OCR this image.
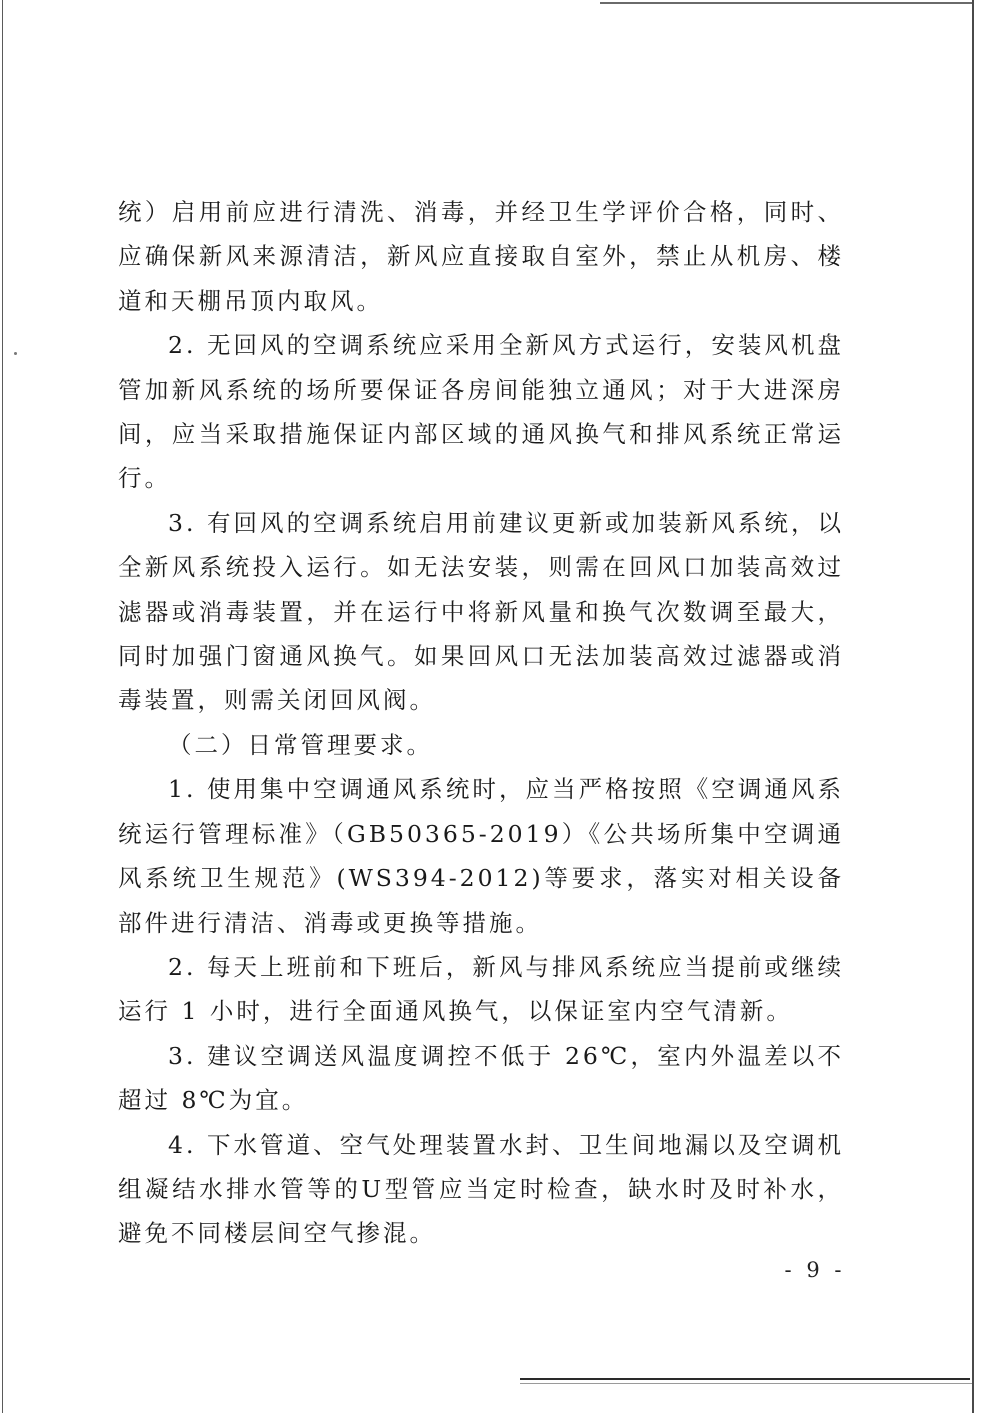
统）启用前应进行清洗、消毒，并经卫生学评价合格，同时、应确保新风来源清洁，新风应直接取自室外，禁止从机房、楼道和天棚吊顶内取风。

2. 无回风的空调系统应采用全新风方式运行，安装风机盘管加新风系统的场所要保证各房间能独立通风；对于大进深房间，应当采取措施保证内部区域的通风换气和排风系统正常运行。

3. 有回风的空调系统启用前建议更新或加装新风系统，以全新风系统投入运行。如无法安装，则需在回风口加装高效过滤器或消毒装置，并在运行中将新风量和换气次数调至最大，同时加强门窗通风换气。如果回风口无法加装高效过滤器或消毒装置，则需关闭回风阀。

（二）日常管理要求。

1. 使用集中空调通风系统时，应当严格按照《空调通风系统运行管理标准》（GB50365-2019）《公共场所集中空调通风系统卫生规范》(WS394-2012)等要求，落实对相关设备部件进行清洁、消毒或更换等措施。

2. 每天上班前和下班后，新风与排风系统应当提前或继续运行 1 小时，进行全面通风换气，以保证室内空气清新。

3. 建议空调送风温度调控不低于 26℃，室内外温差以不超过 8℃为宜。

4. 下水管道、空气处理装置水封、卫生间地漏以及空调机组凝结水排水管等的U型管应当定时检查，缺水时及时补水，避免不同楼层间空气掺混。

- 9 -
